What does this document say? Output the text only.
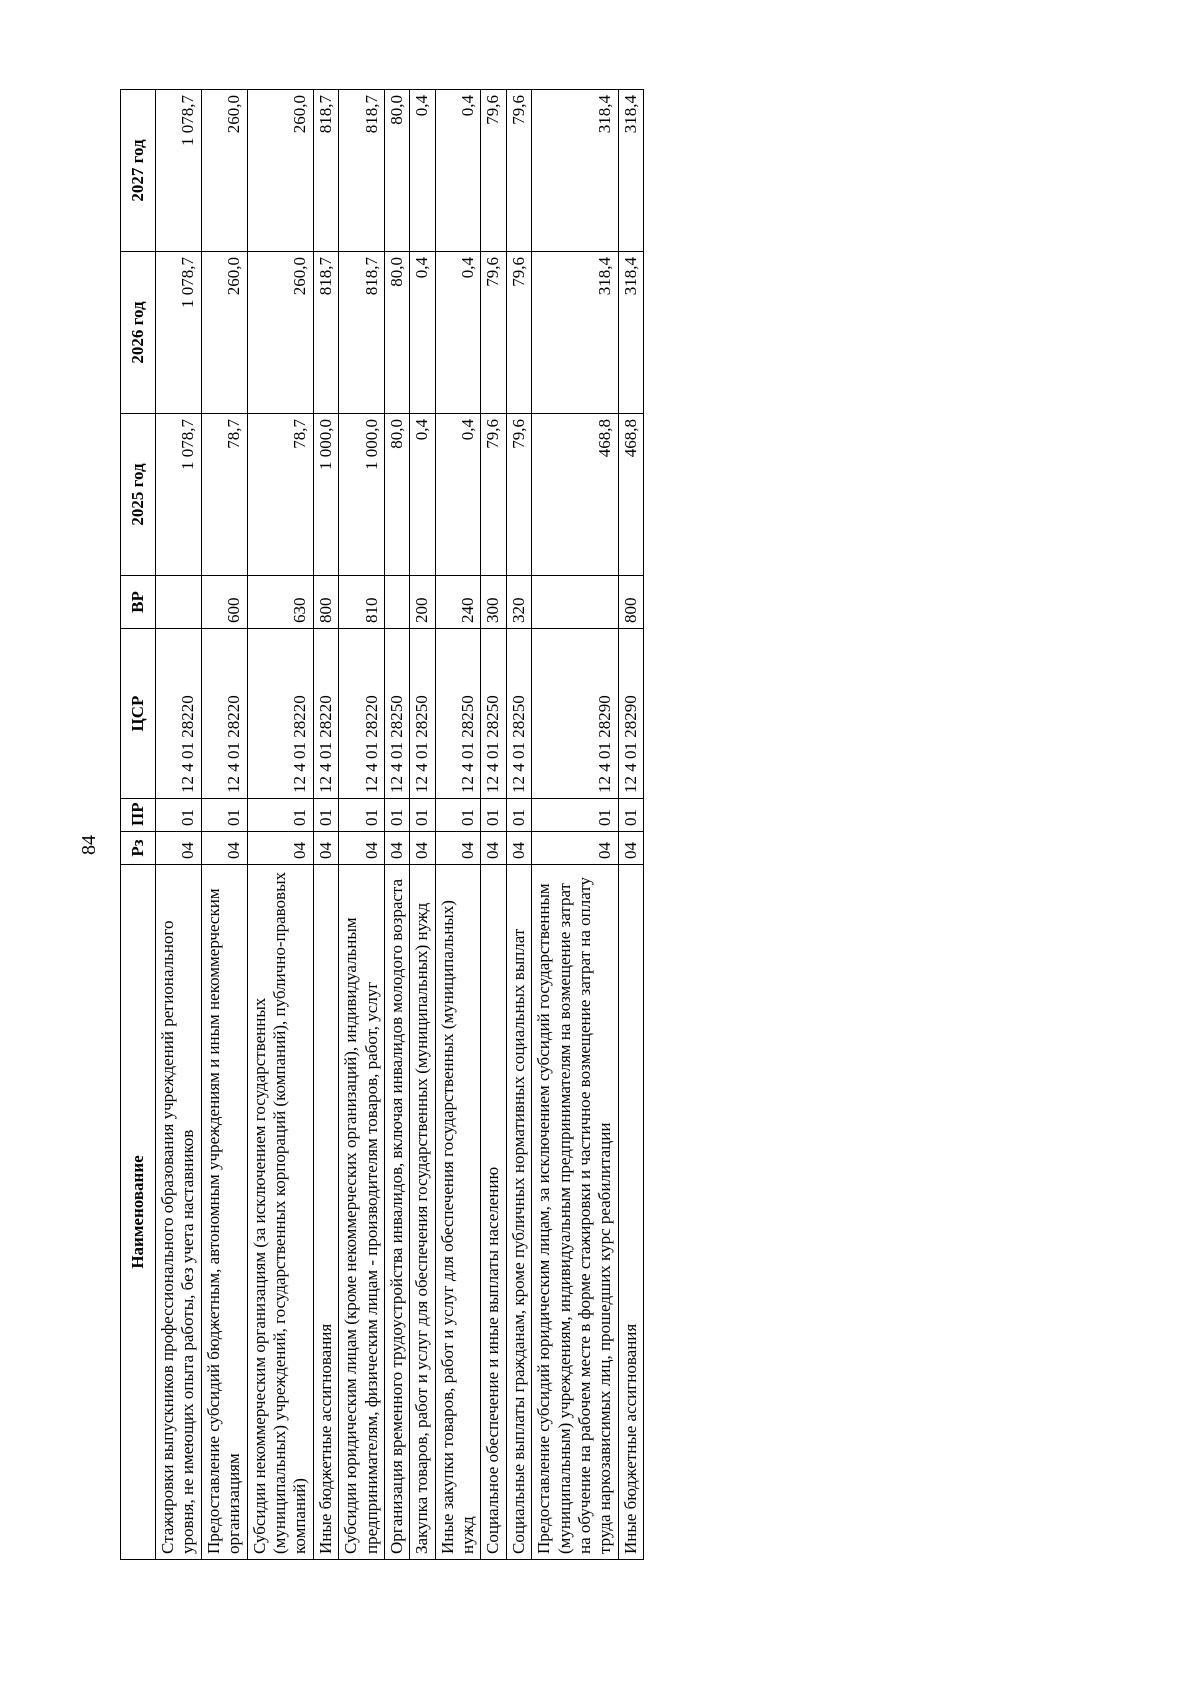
84
Наименование	Рз	ПР	ЦСР	ВР	2025 год	2026 год	2027 год
Стажировки выпускников профессионального образования учреждений регионального уровня, не имеющих опыта работы, без учета наставников	04	01	12 4 01 28220		1 078,7	1 078,7	1 078,7
Предоставление субсидий бюджетным, автономным учреждениям и иным некоммерческим организациям	04	01	12 4 01 28220	600	78,7	260,0	260,0
Субсидии некоммерческим организациям (за исключением государственных (муниципальных) учреждений, государственных корпораций (компаний), публично-правовых компаний)	04	01	12 4 01 28220	630	78,7	260,0	260,0
Иные бюджетные ассигнования	04	01	12 4 01 28220	800	1 000,0	818,7	818,7
Субсидии юридическим лицам (кроме некоммерческих организаций), индивидуальным предпринимателям, физическим лицам - производителям товаров, работ, услуг	04	01	12 4 01 28220	810	1 000,0	818,7	818,7
Организация временного трудоустройства инвалидов, включая инвалидов молодого возраста	04	01	12 4 01 28250		80,0	80,0	80,0
Закупка товаров, работ и услуг для обеспечения государственных (муниципальных) нужд	04	01	12 4 01 28250	200	0,4	0,4	0,4
Иные закупки товаров, работ и услуг для обеспечения государственных (муниципальных) нужд	04	01	12 4 01 28250	240	0,4	0,4	0,4
Социальное обеспечение и иные выплаты населению	04	01	12 4 01 28250	300	79,6	79,6	79,6
Социальные выплаты гражданам, кроме публичных нормативных социальных выплат	04	01	12 4 01 28250	320	79,6	79,6	79,6
Предоставление субсидий юридическим лицам, за исключением субсидий государственным (муниципальным) учреждениям, индивидуальным предпринимателям на возмещение затрат на обучение на рабочем месте в форме стажировки и частичное возмещение затрат на оплату труда наркозависимых лиц, прошедших курс реабилитации	04	01	12 4 01 28290		468,8	318,4	318,4
Иные бюджетные ассигнования	04	01	12 4 01 28290	800	468,8	318,4	318,4
